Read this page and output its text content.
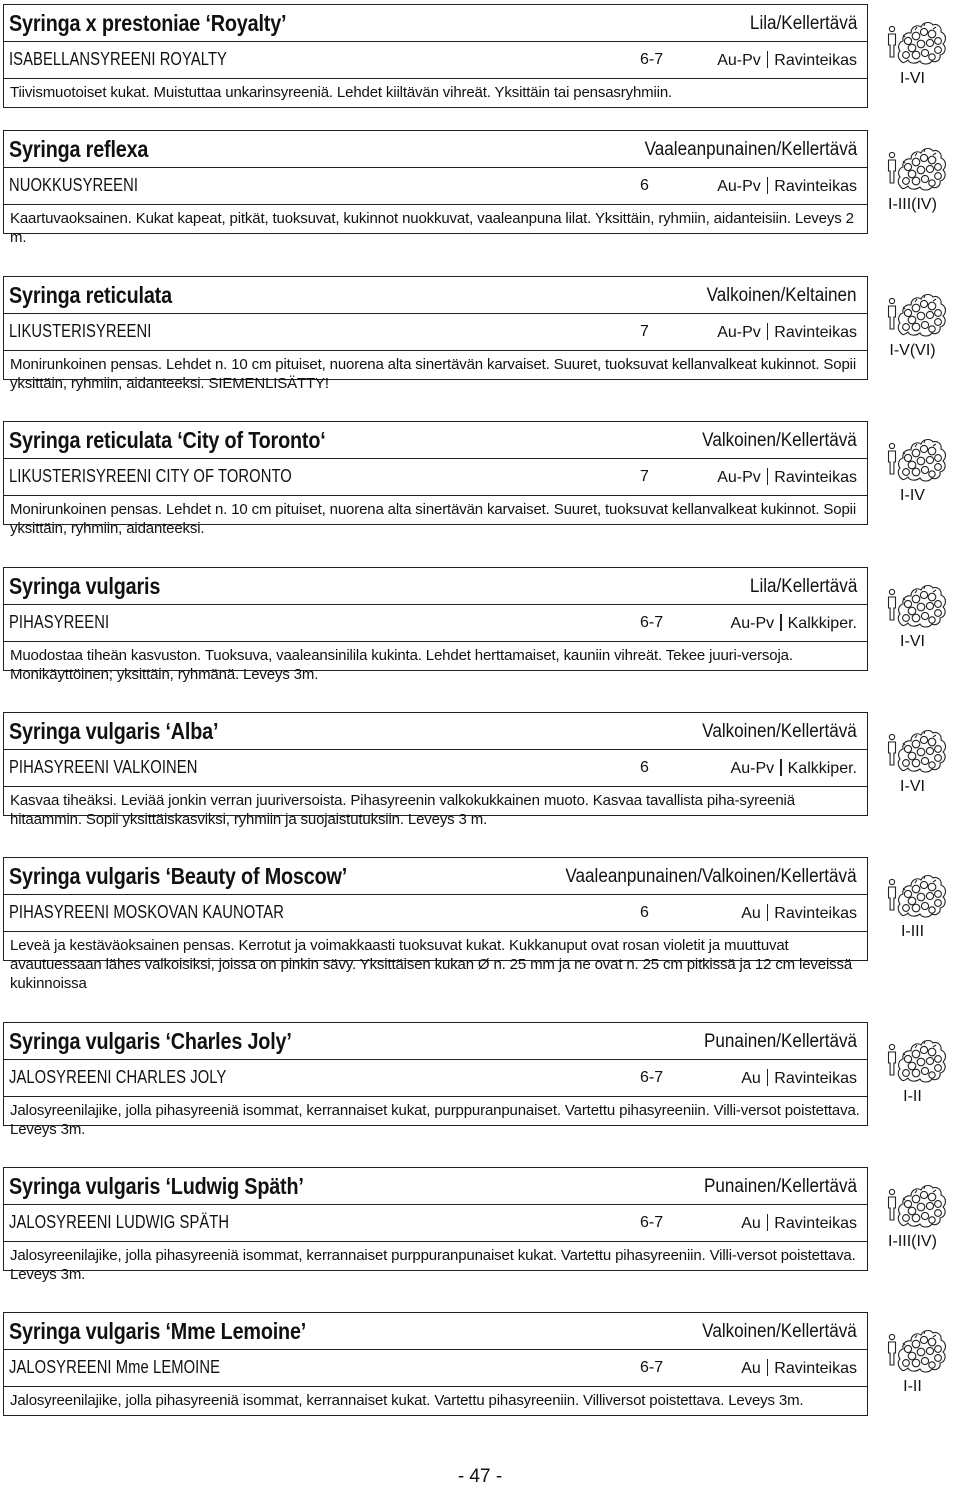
Syringa x prestoniae ‘Royalty’	Lila/Kellertävä
ISABELLANSYREENI ROYALTY	6-7	Au-Pv Ravinteikas
Tiivismuotoiset kukat. Muistuttaa unkarinsyreeniä. Lehdet kiiltävän vihreät. Yksittäin tai pensasryhmiin.
I-VI
Syringa reflexa	Vaaleanpunainen/Kellertävä
NUOKKUSYREENI	6	Au-Pv Ravinteikas
Kaartuvaoksainen. Kukat kapeat, pitkät, tuoksuvat, kukinnot nuokkuvat, vaaleanpuna lilat. Yksittäin, ryhmiin, aidanteisiin. Leveys 2 m.
I-III(IV)
Syringa reticulata	Valkoinen/Keltainen
LIKUSTERISYREENI	7	Au-Pv Ravinteikas
Monirunkoinen pensas. Lehdet n. 10 cm pituiset, nuorena alta sinertävän karvaiset. Suuret, tuoksuvat kellanvalkeat kukinnot. Sopii yksittäin, ryhmiin, aidanteeksi. SIEMENLISÄTTY!
I-V(VI)
Syringa reticulata ‘City of Toronto‘	Valkoinen/Kellertävä
LIKUSTERISYREENI CITY OF TORONTO	7	Au-Pv Ravinteikas
Monirunkoinen pensas. Lehdet n. 10 cm pituiset, nuorena alta sinertävän karvaiset. Suuret, tuoksuvat kellanvalkeat kukinnot. Sopii yksittäin, ryhmiin, aidanteeksi.
I-IV
Syringa vulgaris	Lila/Kellertävä
PIHASYREENI	6-7	Au-Pv Kalkkiper.
Muodostaa tiheän kasvuston. Tuoksuva, vaaleansinililа kukinta. Lehdet herttamaiset, kauniin vihreät. Tekee juuri-versoja. Monikäyttöinen; yksittäin, ryhmänä. Leveys 3m.
I-VI
Syringa vulgaris ‘Alba’	Valkoinen/Kellertävä
PIHASYREENI VALKOINEN	6	Au-Pv Kalkkiper.
Kasvaa tiheäksi. Leviää jonkin verran juuriversoista. Pihasyreenin valkokukkainen muoto. Kasvaa tavallista piha-syreeniä hitaammin. Sopii yksittäiskasviksi, ryhmiin ja suojaistutuksiin. Leveys 3 m.
I-VI
Syringa vulgaris ‘Beauty of Moscow’	Vaaleanpunainen/Valkoinen/Kellertävä
PIHASYREENI MOSKOVAN KAUNOTAR	6	Au Ravinteikas
Leveä ja kestäväoksainen pensas. Kerrotut ja voimakkaasti tuoksuvat kukat. Kukkanuput ovat rosan violetit ja muuttuvat avautuessaan lähes valkoisiksi, joissa on pinkin sävy. Yksittäisen kukan Ø n. 25 mm ja ne ovat n. 25 cm pitkissä ja 12 cm leveissä kukinnoissa
I-III
Syringa vulgaris ‘Charles Joly’	Punainen/Kellertävä
JALOSYREENI CHARLES JOLY	6-7	Au Ravinteikas
Jalosyreenilajike, jolla pihasyreeniä isommat, kerrannaiset kukat, purppuranpunaiset. Vartettu pihasyreeniin. Villi-versot poistettava. Leveys 3m.
I-II
Syringa vulgaris ‘Ludwig Späth’	Punainen/Kellertävä
JALOSYREENI LUDWIG SPÄTH	6-7	Au Ravinteikas
Jalosyreenilajike, jolla pihasyreeniä isommat, kerrannaiset purppuranpunaiset kukat. Vartettu pihasyreeniin. Villi-versot poistettava. Leveys 3m.
I-III(IV)
Syringa vulgaris ‘Mme Lemoine’	Valkoinen/Kellertävä
JALOSYREENI Mme LEMOINE	6-7	Au Ravinteikas
Jalosyreenilajike, jolla pihasyreeniä isommat, kerrannaiset kukat. Vartettu pihasyreeniin. Villiversot poistettava. Leveys 3m.
I-II
- 47 -
